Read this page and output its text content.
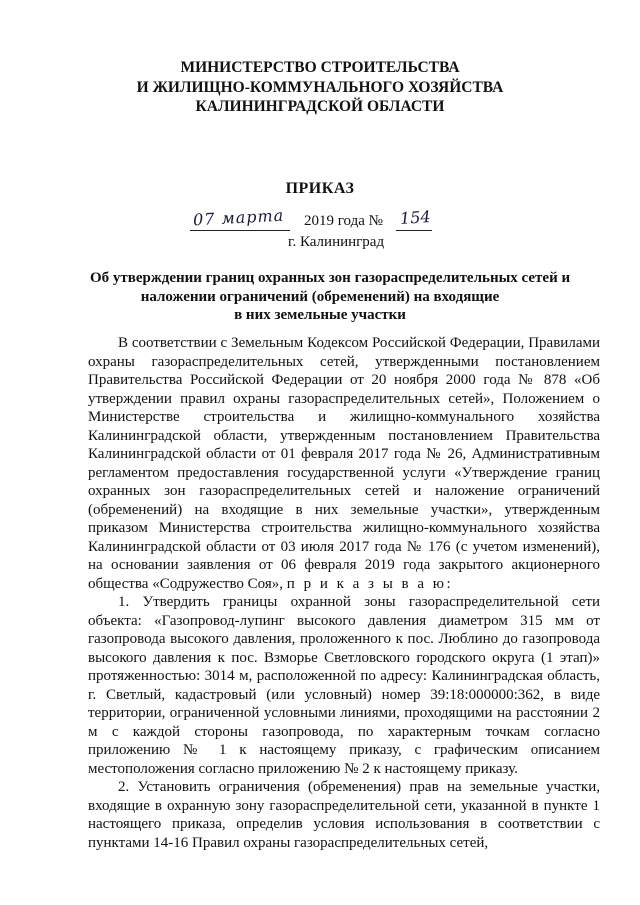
МИНИСТЕРСТВО СТРОИТЕЛЬСТВА
И ЖИЛИЩНО-КОММУНАЛЬНОГО ХОЗЯЙСТВА
КАЛИНИНГРАДСКОЙ ОБЛАСТИ
ПРИКАЗ
07 марта 2019 года № 154
г. Калининград
Об утверждении границ охранных зон газораспределительных сетей и
наложении ограничений (обременений) на входящие
в них земельные участки

В соответствии с Земельным Кодексом Российской Федерации, Правилами охраны газораспределительных сетей, утвержденными постановлением Правительства Российской Федерации от 20 ноября 2000 года № 878 «Об утверждении правил охраны газораспределительных сетей», Положением о Министерстве строительства и жилищно-коммунального хозяйства Калининградской области, утвержденным постановлением Правительства Калининградской области от 01 февраля 2017 года № 26, Административным регламентом предоставления государственной услуги «Утверждение границ охранных зон газораспределительных сетей и наложение ограничений (обременений) на входящие в них земельные участки», утвержденным приказом Министерства строительства жилищно-коммунального хозяйства Калининградской области от 03 июля 2017 года № 176 (с учетом изменений), на основании заявления от 06 февраля 2019 года закрытого акционерного общества «Содружество Соя», п р и к а з ы в а ю:

1. Утвердить границы охранной зоны газораспределительной сети объекта: «Газопровод-лупинг высокого давления диаметром 315 мм от газопровода высокого давления, проложенного к пос. Люблино до газопровода высокого давления к пос. Взморье Светловского городского округа (1 этап)» протяженностью: 3014 м, расположенной по адресу: Калининградская область, г. Светлый, кадастровый (или условный) номер 39:18:000000:362, в виде территории, ограниченной условными линиями, проходящими на расстоянии 2 м с каждой стороны газопровода, по характерным точкам согласно приложению № 1 к настоящему приказу, с графическим описанием местоположения согласно приложению № 2 к настоящему приказу.

2. Установить ограничения (обременения) прав на земельные участки, входящие в охранную зону газораспределительной сети, указанной в пункте 1 настоящего приказа, определив условия использования в соответствии с пунктами 14-16 Правил охраны газораспределительных сетей,
